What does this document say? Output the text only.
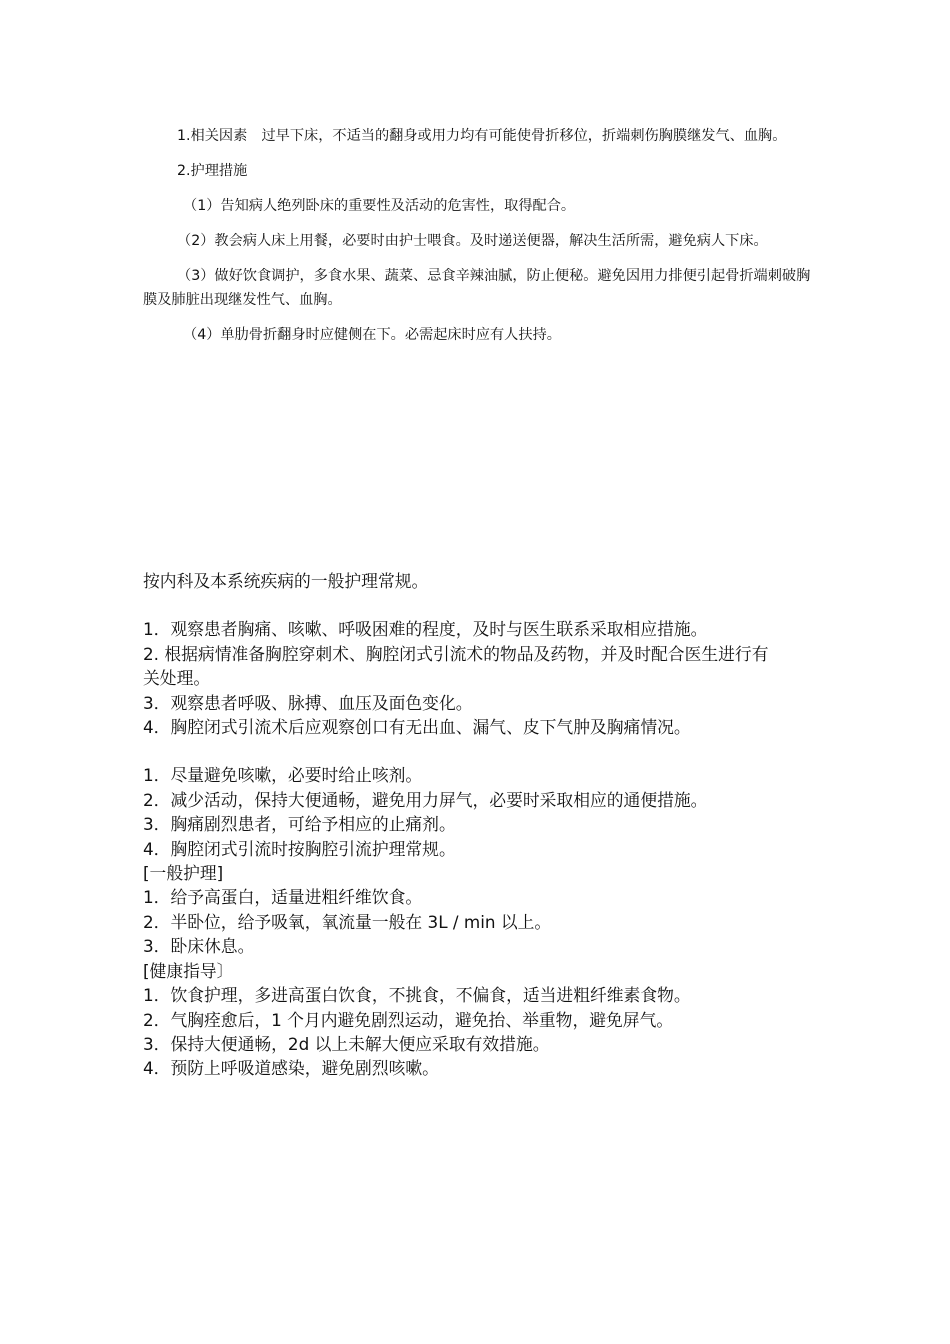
1.相关因素　过早下床，不适当的翻身或用力均有可能使骨折移位，折端刺伤胸膜继发气、血胸。

2.护理措施

（1）告知病人绝列卧床的重要性及活动的危害性，取得配合。

（2）教会病人床上用餐，必要时由护士喂食。及时递送便器，解决生活所需，避免病人下床。

（3）做好饮食调护，多食水果、蔬菜、忌食辛辣油腻，防止便秘。避免因用力排便引起骨折端刺破胸膜及肺脏出现继发性气、血胸。

（4）单肋骨折翻身时应健侧在下。必需起床时应有人扶持。

按内科及本系统疾病的一般护理常规。

1．观察患者胸痛、咳嗽、呼吸困难的程度，及时与医生联系采取相应措施。

2. 根据病情准备胸腔穿刺术、胸腔闭式引流术的物品及药物，并及时配合医生进行有

关处理。

3．观察患者呼吸、脉搏、血压及面色变化。

4．胸腔闭式引流术后应观察创口有无出血、漏气、皮下气肿及胸痛情况。

1．尽量避免咳嗽，必要时给止咳剂。

2．减少活动，保持大便通畅，避免用力屏气，必要时采取相应的通便措施。

3．胸痛剧烈患者，可给予相应的止痛剂。

4．胸腔闭式引流时按胸腔引流护理常规。

[一般护理]

1．给予高蛋白，适量进粗纤维饮食。

2．半卧位，给予吸氧，氧流量一般在 3L / min 以上。

3．卧床休息。

[健康指导〕

1．饮食护理，多进高蛋白饮食，不挑食，不偏食，适当进粗纤维素食物。

2．气胸痊愈后，1 个月内避免剧烈运动，避免抬、举重物，避免屏气。

3．保持大便通畅，2d 以上未解大便应采取有效措施。

4．预防上呼吸道感染，避免剧烈咳嗽。
